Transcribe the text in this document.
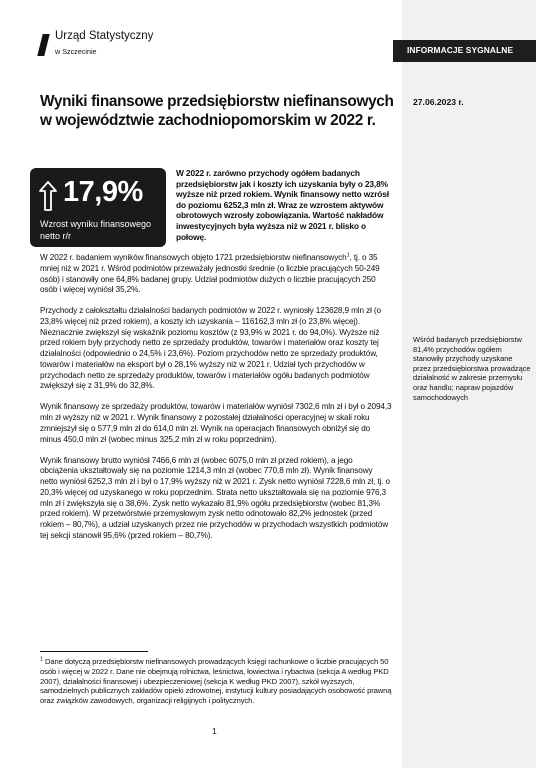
INFORMACJE SYGNALNE
Urząd Statystyczny
w Szczecinie
27.06.2023 r.
Wyniki finansowe przedsiębiorstw niefinansowych
w województwie zachodniopomorskim w 2022 r.
17,9%
Wzrost wyniku finansowego netto r/r

W 2022 r. zarówno przychody ogółem badanych przedsiębiorstw jak i koszty ich uzyskania były o 23,8% wyższe niż przed rokiem. Wynik finansowy netto wzrósł do poziomu 6252,3 mln zł. Wraz ze wzrostem aktywów obrotowych wzrosły zobowiązania. Wartość nakładów inwestycyjnych była wyższa niż w 2021 r. blisko o połowę.

W 2022 r. badaniem wyników finansowych objęto 1721 przedsiębiorstw niefinansowych$^1$, tj. o 35 mniej niż w 2021 r. Wśród podmiotów przeważały jednostki średnie (o liczbie pracujących 50-249 osób) i stanowiły one 64,8% badanej grupy. Udział podmiotów dużych o liczbie pracujących 250 osób i więcej wyniósł 35,2%.

Przychody z całokształtu działalności badanych podmiotów w 2022 r. wyniosły 123628,9 mln zł (o 23,8% więcej niż przed rokiem), a koszty ich uzyskania – 116162,3 mln zł (o 23,8% więcej). Nieznacznie zwiększył się wskaźnik poziomu kosztów (z 93,9% w 2021 r. do 94,0%). Wyższe niż przed rokiem były przychody netto ze sprzedaży produktów, towarów i materiałów oraz koszty tej działalności (odpowiednio o 24,5% i 23,6%). Poziom przychodów netto ze sprzedaży produktów, towarów i materiałów na eksport był o 28,1% wyższy niż w 2021 r. Udział tych przychodów w przychodach netto ze sprzedaży produktów, towarów i materiałów ogółu badanych podmiotów zwiększył się z 31,9% do 32,8%.

Wynik finansowy ze sprzedaży produktów, towarów i materiałów wyniósł 7302,6 mln zł i był o 2094,3 mln zł wyższy niż w 2021 r. Wynik finansowy z pozostałej działalności operacyjnej w skali roku zmniejszył się o 577,9 mln zł do 614,0 mln zł. Wynik na operacjach finansowych obniżył się do minus 450,0 mln zł (wobec minus 325,2 mln zł w roku poprzednim).

Wynik finansowy brutto wyniósł 7466,6 mln zł (wobec 6075,0 mln zł przed rokiem), a jego obciążenia ukształtowały się na poziomie 1214,3 mln zł (wobec 770,8 mln zł). Wynik finansowy netto wyniósł 6252,3 mln zł i był o 17,9% wyższy niż w 2021 r. Zysk netto wyniósł 7228,6 mln zł, tj. o 20,3% więcej od uzyskanego w roku poprzednim. Strata netto ukształtowała się na poziomie 976,3 mln zł i zwiększyła się o 38,6%. Zysk netto wykazało 81,9% ogółu przedsiębiorstw (wobec 81,3% przed rokiem). W przetwórstwie przemysłowym zysk netto odnotowało 82,2% jednostek (przed rokiem – 80,7%), a udział uzyskanych przez nie przychodów w przychodach wszystkich podmiotów tej sekcji stanowił 95,6% (przed rokiem – 80,7%).

Wśród badanych przedsiębiorstw 81,4% przychodów ogółem stanowiły przychody uzyskane przez przedsiębiorstwa prowadzące działalność w zakresie przemysłu oraz handlu; napraw pojazdów samochodowych

$^1$ Dane dotyczą przedsiębiorstw niefinansowych prowadzących księgi rachunkowe o liczbie pracujących 50 osób i więcej w 2022 r. Dane nie obejmują rolnictwa, leśnictwa, łowiectwa i rybactwa (sekcja A według PKD 2007), działalności finansowej i ubezpieczeniowej (sekcja K według PKD 2007), szkół wyższych, samodzielnych publicznych zakładów opieki zdrowotnej, instytucji kultury posiadających osobowość prawną oraz związków zawodowych, organizacji religijnych i politycznych.

1
